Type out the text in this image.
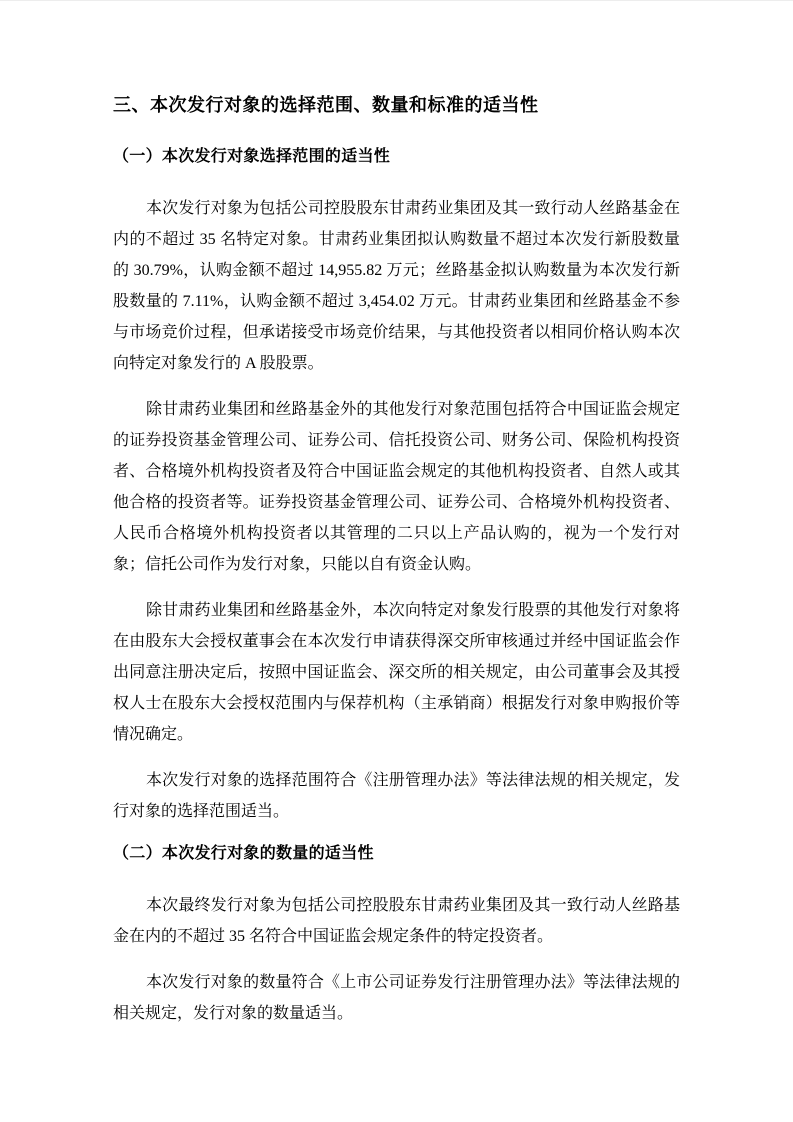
三、本次发行对象的选择范围、数量和标准的适当性
（一）本次发行对象选择范围的适当性

本次发行对象为包括公司控股股东甘肃药业集团及其一致行动人丝路基金在内的不超过 35 名特定对象。甘肃药业集团拟认购数量不超过本次发行新股数量的 30.79%，认购金额不超过 14,955.82 万元；丝路基金拟认购数量为本次发行新股数量的 7.11%，认购金额不超过 3,454.02 万元。甘肃药业集团和丝路基金不参与市场竞价过程，但承诺接受市场竞价结果，与其他投资者以相同价格认购本次向特定对象发行的 A 股股票。

除甘肃药业集团和丝路基金外的其他发行对象范围包括符合中国证监会规定的证券投资基金管理公司、证券公司、信托投资公司、财务公司、保险机构投资者、合格境外机构投资者及符合中国证监会规定的其他机构投资者、自然人或其他合格的投资者等。证券投资基金管理公司、证券公司、合格境外机构投资者、人民币合格境外机构投资者以其管理的二只以上产品认购的，视为一个发行对象；信托公司作为发行对象，只能以自有资金认购。

除甘肃药业集团和丝路基金外，本次向特定对象发行股票的其他发行对象将在由股东大会授权董事会在本次发行申请获得深交所审核通过并经中国证监会作出同意注册决定后，按照中国证监会、深交所的相关规定，由公司董事会及其授权人士在股东大会授权范围内与保荐机构（主承销商）根据发行对象申购报价等情况确定。

本次发行对象的选择范围符合《注册管理办法》等法律法规的相关规定，发行对象的选择范围适当。

（二）本次发行对象的数量的适当性

本次最终发行对象为包括公司控股股东甘肃药业集团及其一致行动人丝路基金在内的不超过 35 名符合中国证监会规定条件的特定投资者。

本次发行对象的数量符合《上市公司证券发行注册管理办法》等法律法规的相关规定，发行对象的数量适当。
